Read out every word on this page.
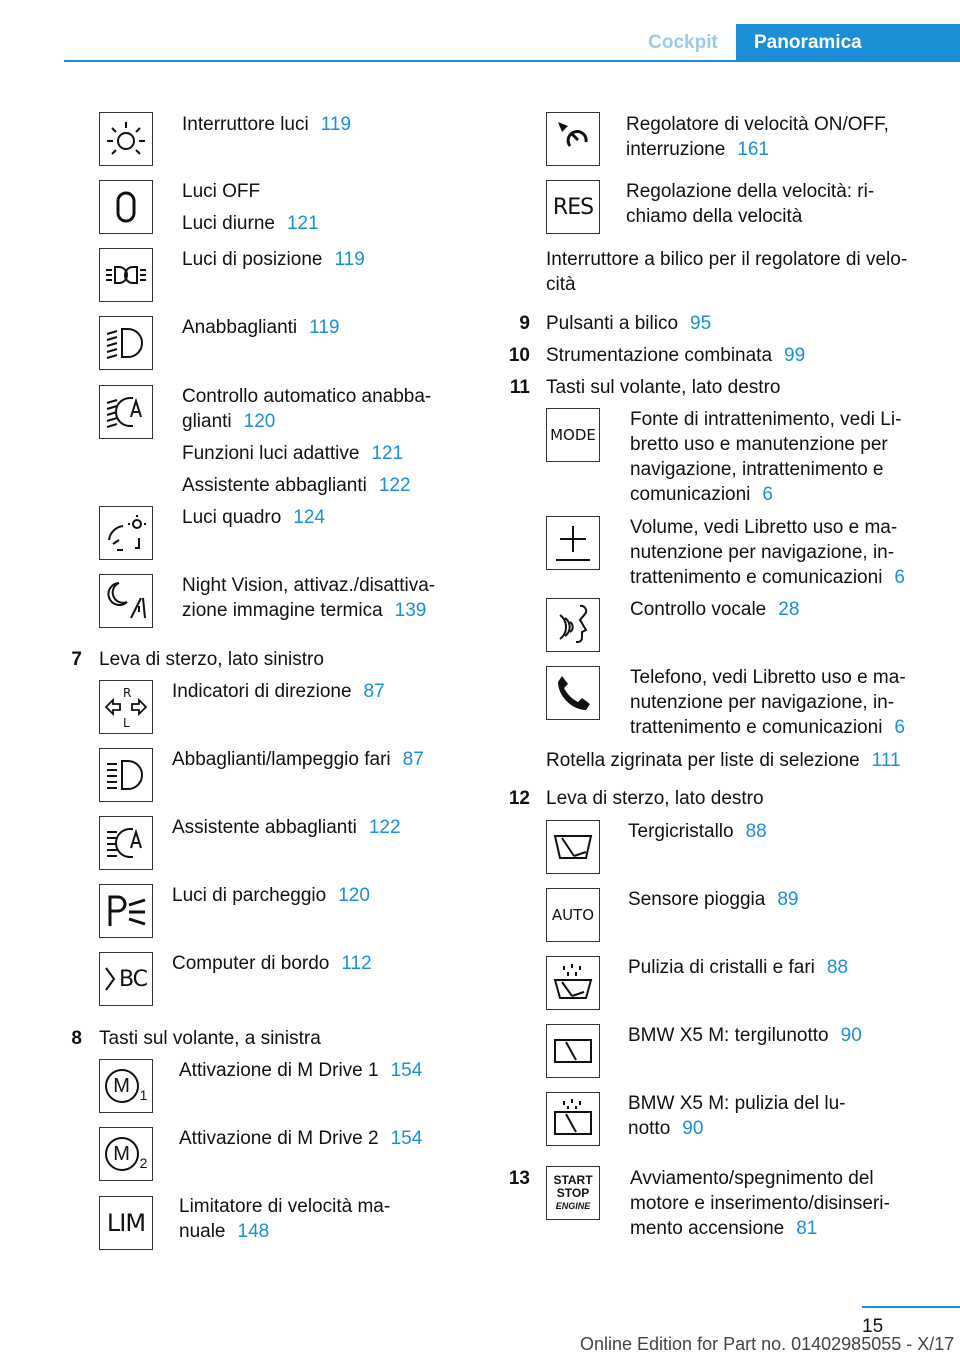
Cockpit	Panoramica
Interruttore luci 119
Luci OFF
Luci diurne 121
Luci di posizione 119
Anabbaglianti 119
Controllo automatico anabba-
glianti 120
Funzioni luci adattive 121
Assistente abbaglianti 122
Luci quadro 124
Night Vision, attivaz./disattiva-
zione immagine termica 139
7 Leva di sterzo, lato sinistro
R
L
Indicatori di direzione 87
Abbaglianti/lampeggio fari 87
Assistente abbaglianti 122
Luci di parcheggio 120
BC
Computer di bordo 112
8 Tasti sul volante, a sinistra
M 1
Attivazione di M Drive 1 154
M 2
Attivazione di M Drive 2 154
LIM
Limitatore di velocità ma-
nuale 148
Regolatore di velocità ON/OFF,
interruzione 161
RES
Regolazione della velocità: ri-
chiamo della velocità
Interruttore a bilico per il regolatore di velo-
cità
9 Pulsanti a bilico 95
10 Strumentazione combinata 99
11 Tasti sul volante, lato destro
MODE
Fonte di intrattenimento, vedi Li-
bretto uso e manutenzione per
navigazione, intrattenimento e
comunicazioni 6
Volume, vedi Libretto uso e ma-
nutenzione per navigazione, in-
trattenimento e comunicazioni 6
Controllo vocale 28
Telefono, vedi Libretto uso e ma-
nutenzione per navigazione, in-
trattenimento e comunicazioni 6
Rotella zigrinata per liste di selezione 111
12 Leva di sterzo, lato destro
Tergicristallo 88
AUTO
Sensore pioggia 89
Pulizia di cristalli e fari 88
BMW X5 M: tergilunotto 90
BMW X5 M: pulizia del lu-
notto 90
13 START
STOP
ENGINE
Avviamento/spegnimento del
motore e inserimento/disinseri-
mento accensione 81
15
Online Edition for Part no. 01402985055 - X/17
